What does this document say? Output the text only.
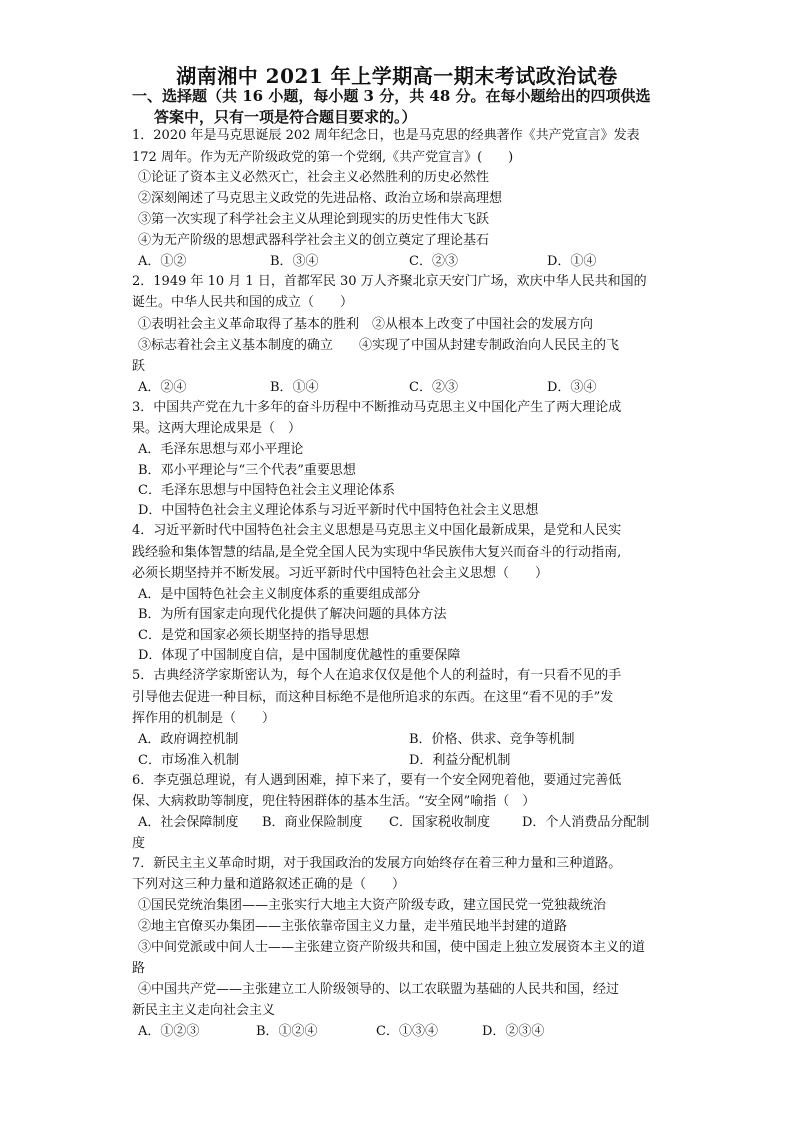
湖南湘中 2021 年上学期高一期末考试政治试卷
一、选择题（共 16 小题，每小题 3 分，共 48 分。在每小题给出的四项供选
答案中，只有一项是符合题目要求的。）
1．2020 年是马克思诞辰 202 周年纪念日，也是马克思的经典著作《共产党宣言》发表
172 周年。作为无产阶级政党的第一个党纲,《共产党宣言》(　　)
①论证了资本主义必然灭亡，社会主义必然胜利的历史必然性
②深刻阐述了马克思主义政党的先进品格、政治立场和崇高理想
③第一次实现了科学社会主义从理论到现实的历史性伟大飞跃
④为无产阶级的思想武器科学社会主义的创立奠定了理论基石
A．①②	B．③④	C．②③	D．①④
2．1949 年 10 月 1 日，首都军民 30 万人齐聚北京天安门广场，欢庆中华人民共和国的
诞生。中华人民共和国的成立（　　）
①表明社会主义革命取得了基本的胜利　②从根本上改变了中国社会的发展方向
③标志着社会主义基本制度的确立　　④实现了中国从封建专制政治向人民民主的飞
跃
A．②④	B．①④	C．②③	D．③④
3．中国共产党在九十多年的奋斗历程中不断推动马克思主义中国化产生了两大理论成
果。这两大理论成果是（　）
A．毛泽东思想与邓小平理论
B．邓小平理论与“三个代表”重要思想
C．毛泽东思想与中国特色社会主义理论体系
D．中国特色社会主义理论体系与习近平新时代中国特色社会主义思想
4．习近平新时代中国特色社会主义思想是马克思主义中国化最新成果，是党和人民实
践经验和集体智慧的结晶,是全党全国人民为实现中华民族伟大复兴而奋斗的行动指南,
必须长期坚持并不断发展。习近平新时代中国特色社会主义思想（　　）
A．是中国特色社会主义制度体系的重要组成部分
B．为所有国家走向现代化提供了解决问题的具体方法
C．是党和国家必须长期坚持的指导思想
D．体现了中国制度自信，是中国制度优越性的重要保障
5．古典经济学家斯密认为，每个人在追求仅仅是他个人的利益时，有一只看不见的手
引导他去促进一种目标，而这种目标绝不是他所追求的东西。在这里“看不见的手”发
挥作用的机制是（　　）
A．政府调控机制	B．价格、供求、竞争等机制
C．市场准入机制	D．利益分配机制
6．李克强总理说，有人遇到困难，掉下来了，要有一个安全网兜着他，要通过完善低
保、大病救助等制度，兜住特困群体的基本生活。“安全网”喻指（　）
A．社会保障制度 B．商业保险制度 C．国家税收制度 D．个人消费品分配制
度
7．新民主主义革命时期，对于我国政治的发展方向始终存在着三种力量和三种道路。
下列对这三种力量和道路叙述正确的是（　　）
①国民党统治集团——主张实行大地主大资产阶级专政，建立国民党一党独裁统治
②地主官僚买办集团——主张依靠帝国主义力量，走半殖民地半封建的道路
③中间党派或中间人士——主张建立资产阶级共和国，使中国走上独立发展资本主义的道
路
④中国共产党——主张建立工人阶级领导的、以工农联盟为基础的人民共和国，经过
新民主主义走向社会主义
A．①②③	B．①②④	C．①③④	D．②③④
